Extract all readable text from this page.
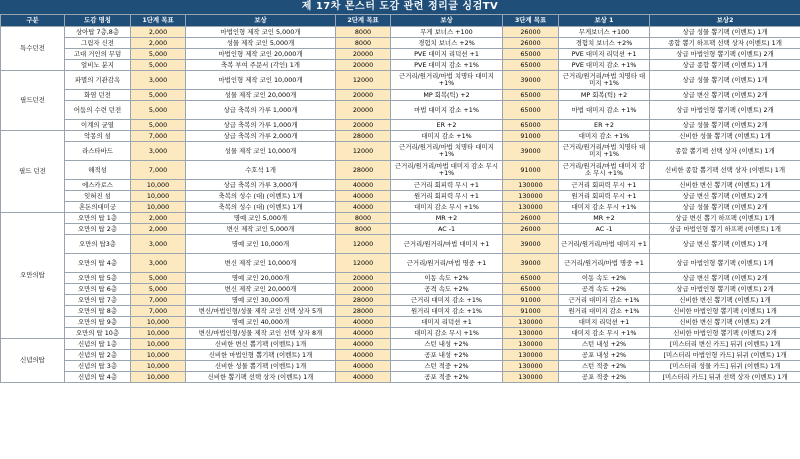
제 17차 몬스터 도감 관련 정리글 싱검TV
구분	도감 명칭	1단계 목표	보상	2단계 목표	보상	3단계 목표	보상 1	보상2
특수던전	상아탑 7층,8층	2,000	마법인형 제작 코인 5,000개	8000	무게 보너스 +100	26000	무게보너스 +100	상급 성물 뽑기팩 (이벤트) 1개
	그림자 신전	2,000	성물 제작 코인 5,000개	8000	경험치 보너스 +2%	26000	경험치 보너스 +2%	종합 뽑기 하프팩 선택 상자 (이벤트) 1개
	고대 거인의 무덤	5,000	마법인형 제작 코인 20,000개	20000	PVE 대미지 리덕션 +1	65000	PVE 대미지 리덕션 +1	상급 마법인형 뽑기팩 (이벤트) 2개
	얼비노 분지	5,000	축복 부여 주문서 (각인) 1개	20000	PVE 대미지 감소 +1%	65000	PVE 대미지 감소 +1%	상급 종합 뽑기팩 (이벤트) 1개
필드던전	파멸의 기관감옥	3,000	마법인형 제작 코인 10,000개	12000	근거리/원거리/마법 치명타 대미지 +1%	39000	근거리/원거리/마법 치명타 대미지 +1%	상급 성물 뽑기팩 (이벤트) 1개
	화염 던전	5,000	성물 제작 코인 20,000개	20000	MP 회복(틱) +2	65000	MP 회복(틱) +2	상급 변신 뽑기팩 (이벤트) 2개
	어둠의 수련 던전	5,000	상급 축복의 가루 1,000개	20000	마법 대미지 감소 +1%	65000	마법 대미지 감소 +1%	상급 마법인형 뽑기팩 (이벤트) 2개
	이계의 균열	5,000	상급 축복의 가루 1,000개	20000	ER +2	65000	ER +2	상급 성물 뽑기팩 (이벤트) 2개
필드 던전	악몽의 섬	7,000	상급 축복의 가루 2,000개	28000	대미지 감소 +1%	91000	대미지 감소 +1%	신비한 성물 뽑기팩 (이벤트) 1개
	라스타바드	3,000	성물 제작 코인 10,000개	12000	근거리/원거리/마법 치명타 대미지 +1%	39000	근거리/원거리/마법 치명타 대미지 +1%	종합 뽑기팩 선택 상자 (이벤트) 1개
	해적섬	7,000	수호석 1개	28000	근거리/원거리/마법 대미지 감소 무시 +1%	91000	근거리/원거리/마법 대미지 감소 무시 +1%	신비한 종합 뽑기팩 선택 상자 (이벤트) 1개
	에스카로스	10,000	상급 축복의 가루 3,000개	40000	근거리 회피력 무시 +1	130000	근거리 회피력 무시 +1	신비한 변신 뽑기팩 (이벤트) 1개
	잊혀진 섬	10,000	축복의 성수 (대) (이벤트) 1개	40000	원거리 회피력 무시 +1	130000	원거리 회피력 무시 +1	상급 변신 뽑기팩 (이벤트) 2개
	혼돈의대미궁	10,000	축복의 성수 (대) (이벤트) 1개	40000	대미지 감소 무시 +1%	130000	대미지 감소 무시 +1%	상급 성물 뽑기팩 (이벤트) 2개
오만의탑	오만의 탑 1층	2,000	명예 코인 5,000개	8000	MR +2	26000	MR +2	상급 변신 뽑기 하프팩 (이벤트) 1개
	오만의 탑 2층	2,000	변신 제작 코인 5,000개	8000	AC -1	26000	AC -1	상급 마법인형 뽑기 하프팩 (이벤트) 1개
	오만의 탑3층	3,000	명예 코인 10,000개	12000	근거리/원거리/마법 대미지 +1	39000	근거리/원거리/마법 대미지 +1	상급 변신 뽑기팩 (이벤트) 1개
	오만의 탑 4층	3,000	변신 제작 코인 10,000개	12000	근거리/원거리/마법 명중 +1	39000	근거리/원거리/마법 명중 +1	상급 마법인형 뽑기팩 (이벤트) 1개
	오만의 탑 5층	5,000	명예 코인 20,000개	20000	이동 속도 +2%	65000	이동 속도 +2%	상급 변신 뽑기팩 (이벤트) 2개
	오만의 탑 6층	5,000	변신 제작 코인 20,000개	20000	공격 속도 +2%	65000	공격 속도 +2%	상급 마법인형 뽑기팩 (이벤트) 2개
	오만의 탑 7층	7,000	명예 코인 30,000개	28000	근거리 대미지 감소 +1%	91000	근거리 대미지 감소 +1%	신비한 변신 뽑기팩 (이벤트) 1개
	오만의 탑 8층	7,000	변신/마법인형/성물 제작 코인 선택 상자 5개	28000	원거리 대미지 감소 +1%	91000	원거리 대미지 감소 +1%	신비한 마법인형 뽑기팩 (이벤트) 1개
	오만의 탑 9층	10,000	명예 코인 40,000개	40000	대미지 리덕션 +1	130000	대미지 리덕션 +1	신비한 변신 뽑기팩 (이벤트) 2개
	오만의 탑 10층	10,000	변신/마법인형/성물 제작 코인 선택 상자 8개	40000	대미지 감소 무시 +1%	130000	대미지 감소 무시 +1%	신비한 마법인형 뽑기팩 (이벤트) 2개
신념의탑	신념의 탑 1층	10,000	신비한 변신 뽑기팩 (이벤트) 1개	40000	스턴 내성 +2%	130000	스턴 내성 +2%	[미스터리 변신 카드] 뒤귀 (이벤트) 1개
	신념의 탑 2층	10,000	신비한 마법인형 뽑기팩 (이벤트) 1개	40000	공포 내성 +2%	130000	공포 내성 +2%	[미스터리 마법인형 카드] 뒤귀 (이벤트) 1개
	신념의 탑 3층	10,000	신비한 성물 뽑기팩 (이벤트) 1개	40000	스턴 적중 +2%	130000	스턴 적중 +2%	[미스터리 성물 카드] 뒤귀 (이벤트) 1개
	신념의 탑 4층	10,000	신비한 뽑기팩 선택 상자 (이벤트) 1개	40000	공포 적중 +2%	130000	공포 적중 +2%	[미스터리 카드] 뒤귀 선택 상자 (이벤트) 1개
